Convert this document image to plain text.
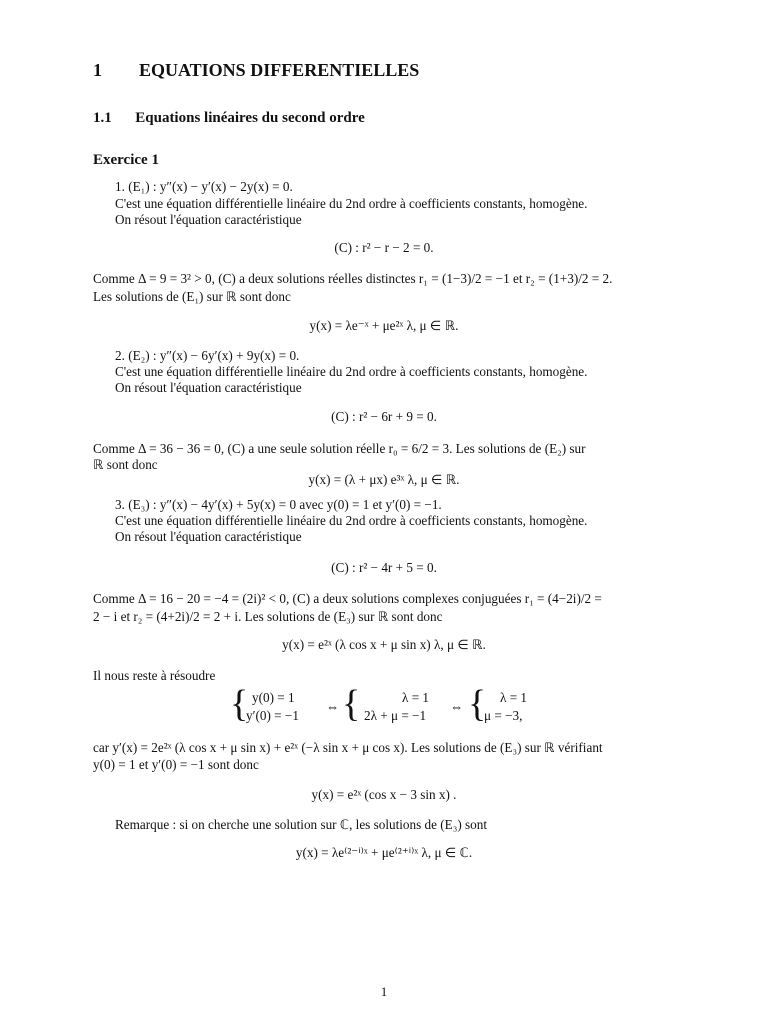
1 EQUATIONS DIFFERENTIELLES
1.1 Equations linéaires du second ordre
Exercice 1
1. (E₁) : y″(x) − y′(x) − 2y(x) = 0.
C'est une équation différentielle linéaire du 2nd ordre à coefficients constants, homogène.
On résout l'équation caractéristique
(C) : r² − r − 2 = 0.
Comme Δ = 9 = 3² > 0, (C) a deux solutions réelles distinctes r₁ = (1−3)/2 = −1 et r₂ = (1+3)/2 = 2.
Les solutions de (E₁) sur ℝ sont donc
y(x) = λe⁻ˣ + μe²ˣ λ, μ ∈ ℝ.
2. (E₂) : y″(x) − 6y′(x) + 9y(x) = 0.
C'est une équation différentielle linéaire du 2nd ordre à coefficients constants, homogène.
On résout l'équation caractéristique
(C) : r² − 6r + 9 = 0.
Comme Δ = 36 − 36 = 0, (C) a une seule solution réelle r₀ = 6/2 = 3. Les solutions de (E₂) sur
ℝ sont donc
y(x) = (λ + μx) e³ˣ λ, μ ∈ ℝ.
3. (E₃) : y″(x) − 4y′(x) + 5y(x) = 0 avec y(0) = 1 et y′(0) = −1.
C'est une équation différentielle linéaire du 2nd ordre à coefficients constants, homogène.
On résout l'équation caractéristique
(C) : r² − 4r + 5 = 0.
Comme Δ = 16 − 20 = −4 = (2i)² < 0, (C) a deux solutions complexes conjuguées r₁ = (4−2i)/2 =
2 − i et r₂ = (4+2i)/2 = 2 + i. Les solutions de (E₃) sur ℝ sont donc
y(x) = e²ˣ (λ cos x + μ sin x) λ, μ ∈ ℝ.
Il nous reste à résoudre
{ y(0) = 1
y′(0) = −1
⇔ {	λ = 1
2λ + μ = −1
⇔ { λ = 1
μ = −3,
car y′(x) = 2e²ˣ (λ cos x + μ sin x) + e²ˣ (−λ sin x + μ cos x). Les solutions de (E₃) sur ℝ vérifiant
y(0) = 1 et y′(0) = −1 sont donc
y(x) = e²ˣ (cos x − 3 sin x) .
Remarque : si on cherche une solution sur ℂ, les solutions de (E₃) sont
y(x) = λe⁽²⁻ⁱ⁾ˣ + μe⁽²⁺ⁱ⁾ˣ λ, μ ∈ ℂ.
1
